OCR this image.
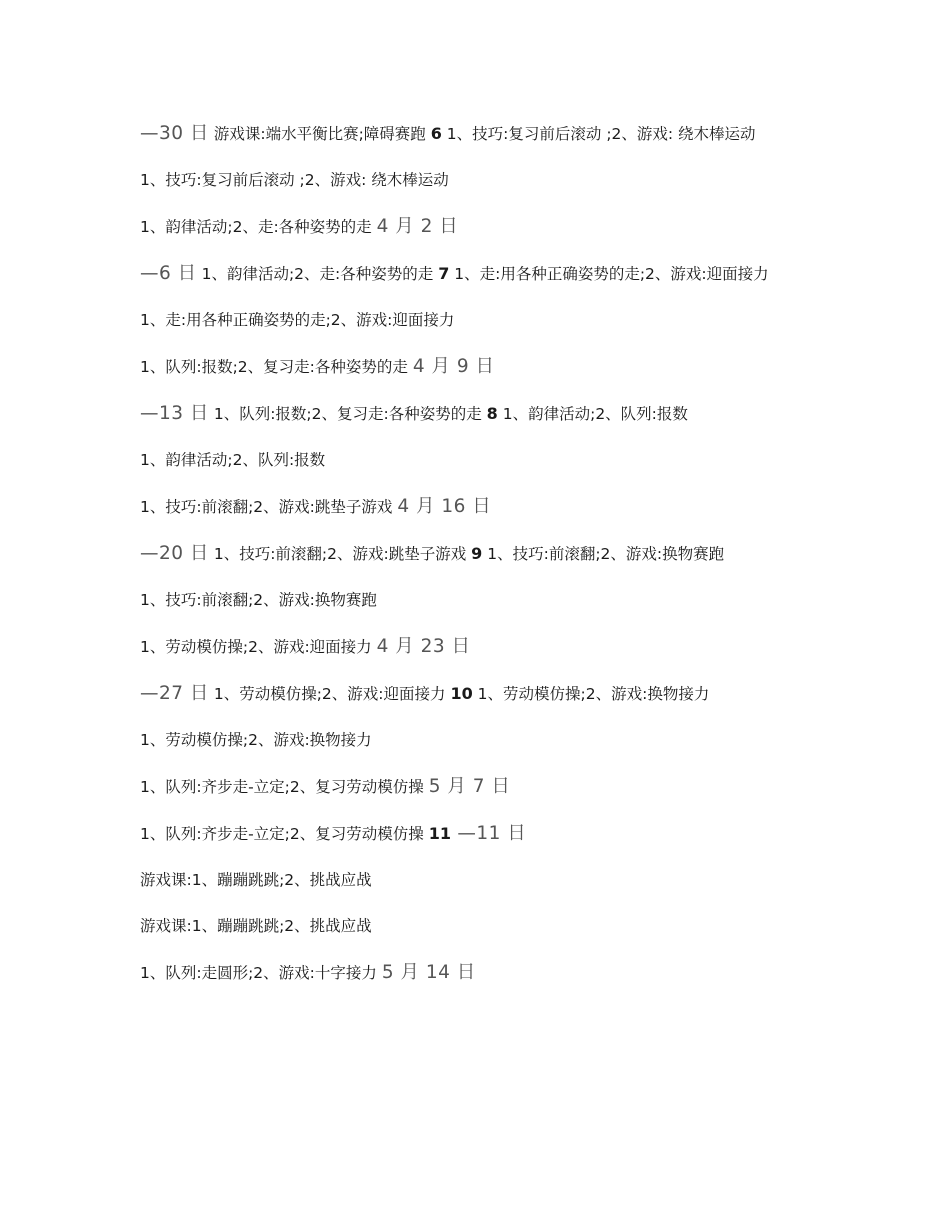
—30 日 游戏课:端水平衡比赛;障碍赛跑 6 1、技巧:复习前后滚动 ;2、游戏: 绕木棒运动

1、技巧:复习前后滚动 ;2、游戏: 绕木棒运动

1、韵律活动;2、走:各种姿势的走 4 月 2 日

—6 日 1、韵律活动;2、走:各种姿势的走 7 1、走:用各种正确姿势的走;2、游戏:迎面接力

1、走:用各种正确姿势的走;2、游戏:迎面接力

1、队列:报数;2、复习走:各种姿势的走 4 月 9 日

—13 日 1、队列:报数;2、复习走:各种姿势的走 8 1、韵律活动;2、队列:报数

1、韵律活动;2、队列:报数

1、技巧:前滚翻;2、游戏:跳垫子游戏 4 月 16 日

—20 日 1、技巧:前滚翻;2、游戏:跳垫子游戏 9 1、技巧:前滚翻;2、游戏:换物赛跑

1、技巧:前滚翻;2、游戏:换物赛跑

1、劳动模仿操;2、游戏:迎面接力 4 月 23 日

—27 日 1、劳动模仿操;2、游戏:迎面接力 10 1、劳动模仿操;2、游戏:换物接力

1、劳动模仿操;2、游戏:换物接力

1、队列:齐步走-立定;2、复习劳动模仿操 5 月 7 日

1、队列:齐步走-立定;2、复习劳动模仿操 11 —11 日

游戏课:1、蹦蹦跳跳;2、挑战应战

游戏课:1、蹦蹦跳跳;2、挑战应战

1、队列:走圆形;2、游戏:十字接力 5 月 14 日
